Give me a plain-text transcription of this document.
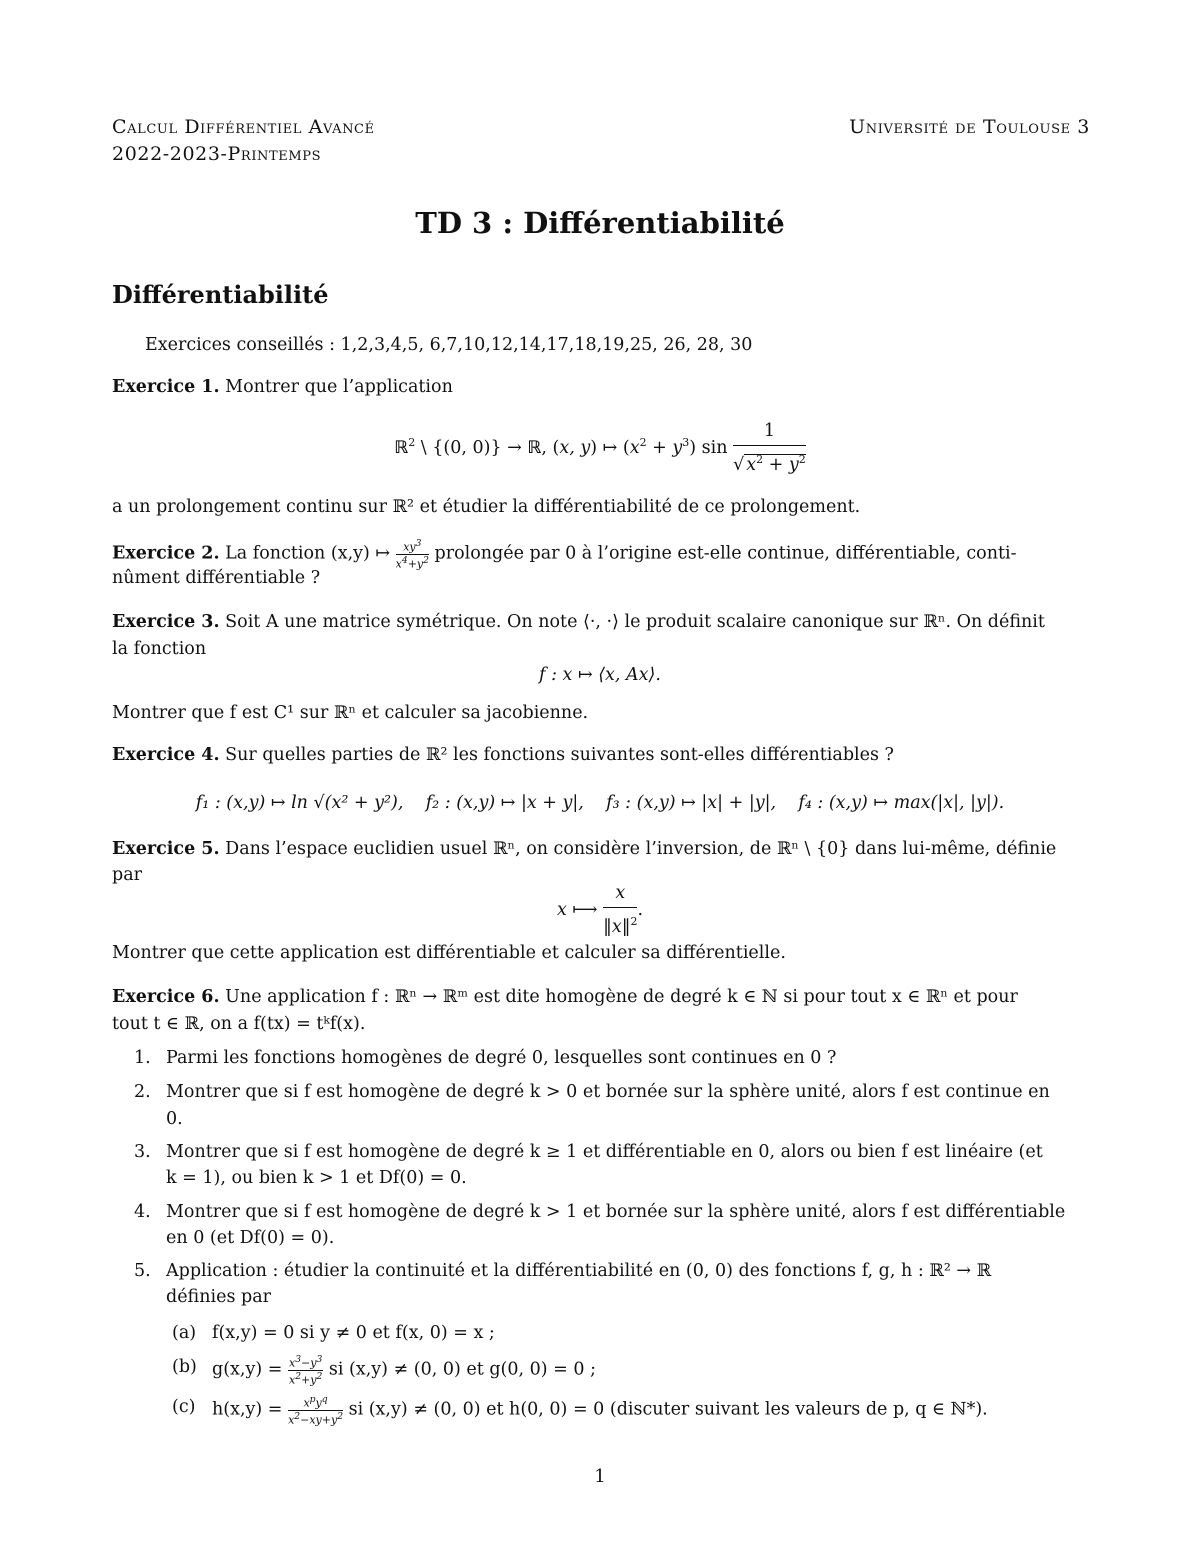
Calcul Différentiel Avancé
2022-2023-Printemps
Université de Toulouse 3
TD 3 : Différentiabilité
Différentiabilité
Exercices conseillés : 1,2,3,4,5, 6,7,10,12,14,17,18,19,25, 26, 28, 30
Exercice 1. Montrer que l’application
ℝ$^2$ \ {(0, 0)} → ℝ, (x, y) ↦ $(x^2 + y^3)$ $\sin \frac{1}{√ x^2 + y^2}$
a un prolongement continu sur ℝ² et étudier la différentiabilité de ce prolongement.
Exercice 2. La fonction (x,y) ↦ $\frac{xy^3}{x^4+y^2}$ prolongée par 0 à l’origine est-elle continue, différentiable, conti-
nûment différentiable ?
Exercice 3. Soit A une matrice symétrique. On note ⟨·, ·⟩ le produit scalaire canonique sur ℝⁿ. On définit
la fonction
f : x ↦ ⟨x, Ax⟩.
Montrer que f est C¹ sur ℝⁿ et calculer sa jacobienne.
Exercice 4. Sur quelles parties de ℝ² les fonctions suivantes sont-elles différentiables ?
f₁ : (x,y) ↦ ln √(x² + y²),    f₂ : (x,y) ↦ |x + y|,    f₃ : (x,y) ↦ |x| + |y|,    f₄ : (x,y) ↦ max(|x|, |y|).
Exercice 5. Dans l’espace euclidien usuel ℝⁿ, on considère l’inversion, de ℝⁿ \ {0} dans lui-même, définie
par
x ⟼ $\frac{x}{‖x‖^2}$ .
Montrer que cette application est différentiable et calculer sa différentielle.
Exercice 6. Une application f : ℝⁿ → ℝᵐ est dite homogène de degré k ∈ ℕ si pour tout x ∈ ℝⁿ et pour
tout t ∈ ℝ, on a f(tx) = tᵏf(x).
1. Parmi les fonctions homogènes de degré 0, lesquelles sont continues en 0 ?
2. Montrer que si f est homogène de degré k > 0 et bornée sur la sphère unité, alors f est continue en
0.
3. Montrer que si f est homogène de degré k ≥ 1 et différentiable en 0, alors ou bien f est linéaire (et
k = 1), ou bien k > 1 et Df(0) = 0.
4. Montrer que si f est homogène de degré k > 1 et bornée sur la sphère unité, alors f est différentiable
en 0 (et Df(0) = 0).
5. Application : étudier la continuité et la différentiabilité en (0, 0) des fonctions f, g, h : ℝ² → ℝ
définies par
(a) f(x,y) = 0 si y ≠ 0 et f(x, 0) = x ;
(b) $g(x,y) = \frac{x^3-y^3}{x^2+y^2}$ si (x,y) ≠ (0, 0) et g(0, 0) = 0 ;
(c) h(x,y) =	$x^py^q$
$x^2-xy+y^2$ si (x,y) ≠ (0, 0) et h(0, 0) = 0 (discuter suivant les valeurs de p, q ∈ ℕ*).
1
